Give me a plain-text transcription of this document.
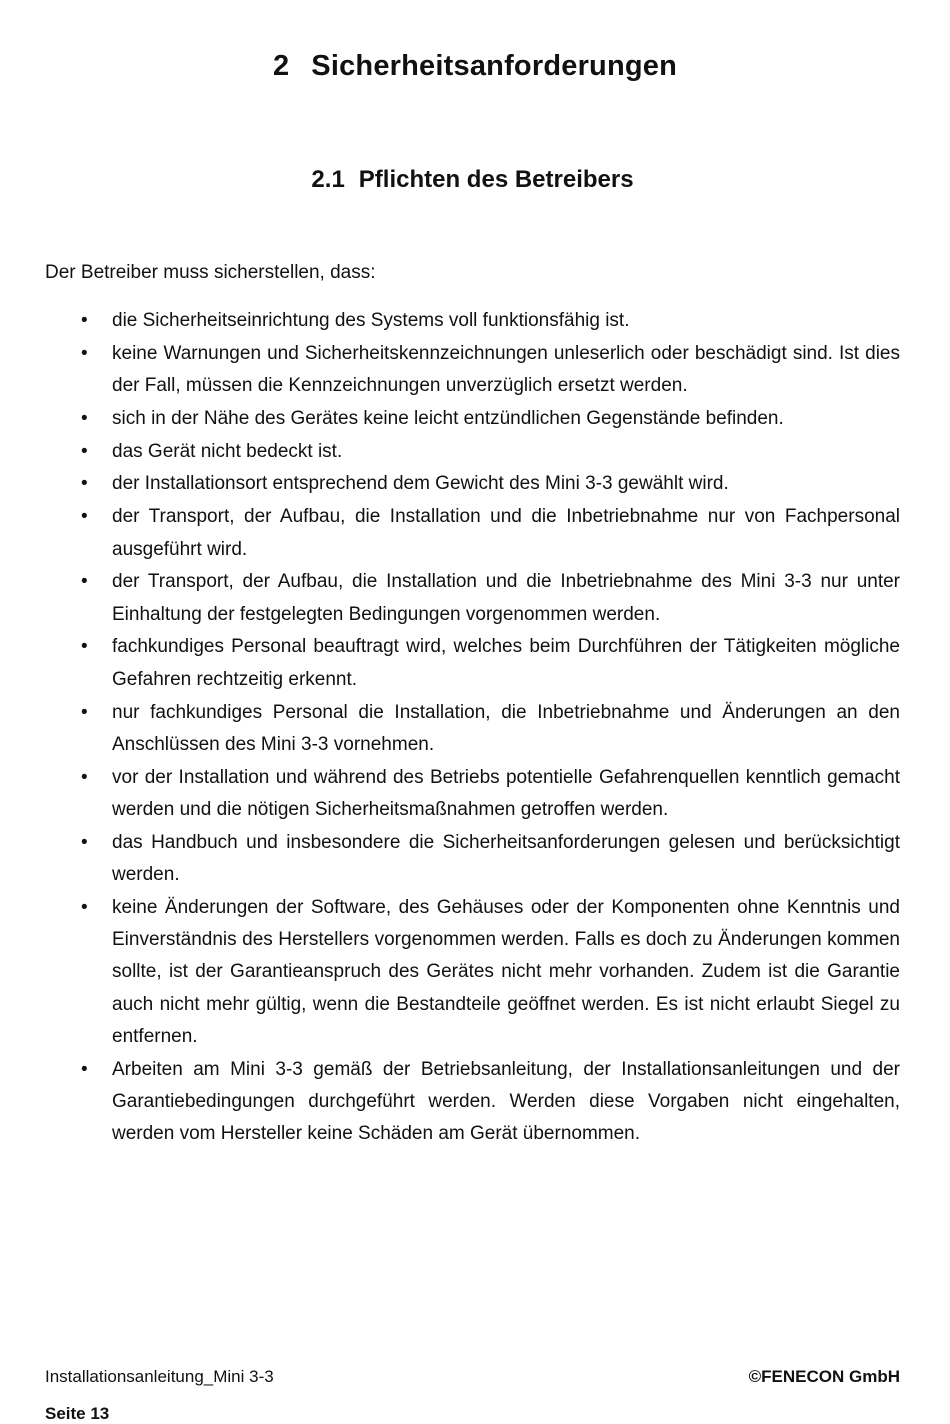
2 Sicherheitsanforderungen
2.1 Pflichten des Betreibers
Der Betreiber muss sicherstellen, dass:
• die Sicherheitseinrichtung des Systems voll funktionsfähig ist.
• keine Warnungen und Sicherheitskennzeichnungen unleserlich oder beschädigt sind. Ist dies der Fall, müssen die Kennzeichnungen unverzüglich ersetzt werden.
• sich in der Nähe des Gerätes keine leicht entzündlichen Gegenstände befinden.
• das Gerät nicht bedeckt ist.
• der Installationsort entsprechend dem Gewicht des Mini 3-3 gewählt wird.
• der Transport, der Aufbau, die Installation und die Inbetriebnahme nur von Fachpersonal ausgeführt wird.
• der Transport, der Aufbau, die Installation und die Inbetriebnahme des Mini 3-3 nur unter Einhaltung der festgelegten Bedingungen vorgenommen werden.
• fachkundiges Personal beauftragt wird, welches beim Durchführen der Tätigkeiten mögliche Gefahren rechtzeitig erkennt.
• nur fachkundiges Personal die Installation, die Inbetriebnahme und Änderungen an den Anschlüssen des Mini 3-3 vornehmen.
• vor der Installation und während des Betriebs potentielle Gefahrenquellen kenntlich gemacht werden und die nötigen Sicherheitsmaßnahmen getroffen werden.
• das Handbuch und insbesondere die Sicherheitsanforderungen gelesen und berücksichtigt werden.
• keine Änderungen der Software, des Gehäuses oder der Komponenten ohne Kenntnis und Einverständnis des Herstellers vorgenommen werden. Falls es doch zu Änderungen kommen sollte, ist der Garantieanspruch des Gerätes nicht mehr vorhanden. Zudem ist die Garantie auch nicht mehr gültig, wenn die Bestandteile geöffnet werden. Es ist nicht erlaubt Siegel zu entfernen.
• Arbeiten am Mini 3-3 gemäß der Betriebsanleitung, der Installationsanleitungen und der Garantiebedingungen durchgeführt werden. Werden diese Vorgaben nicht eingehalten, werden vom Hersteller keine Schäden am Gerät übernommen.
Installationsanleitung_Mini 3-3	©FENECON GmbH
Seite 13
